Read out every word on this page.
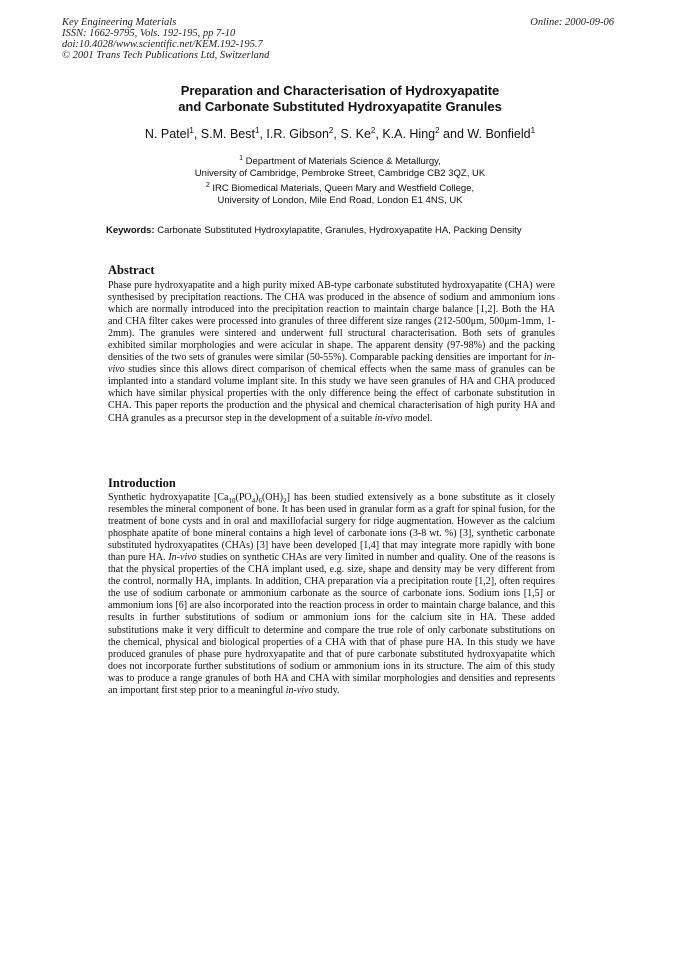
Key Engineering Materials
ISSN: 1662-9795, Vols. 192-195, pp 7-10
doi:10.4028/www.scientific.net/KEM.192-195.7
© 2001 Trans Tech Publications Ltd, Switzerland
Online: 2000-09-06
Preparation and Characterisation of Hydroxyapatite
and Carbonate Substituted Hydroxyapatite Granules
N. Patel$^1$, S.M. Best$^1$, I.R. Gibson$^2$, S. Ke$^2$, K.A. Hing$^2$ and W. Bonfield$^1$
$^1$ Department of Materials Science & Metallurgy,
University of Cambridge, Pembroke Street, Cambridge CB2 3QZ, UK
$^2$ IRC Biomedical Materials, Queen Mary and Westfield College,
University of London, Mile End Road, London E1 4NS, UK
Keywords: Carbonate Substituted Hydroxylapatite, Granules, Hydroxyapatite HA, Packing Density
Abstract
Phase pure hydroxyapatite and a high purity mixed AB-type carbonate substituted hydroxyapatite (CHA) were synthesised by precipitation reactions. The CHA was produced in the absence of sodium and ammonium ions which are normally introduced into the precipitation reaction to maintain charge balance [1,2]. Both the HA and CHA filter cakes were processed into granules of three different size ranges (212-500μm, 500μm-1mm, 1-2mm). The granules were sintered and underwent full structural characterisation. Both sets of granules exhibited similar morphologies and were acicular in shape. The apparent density (97-98%) and the packing densities of the two sets of granules were similar (50-55%). Comparable packing densities are important for in-vivo studies since this allows direct comparison of chemical effects when the same mass of granules can be implanted into a standard volume implant site. In this study we have seen granules of HA and CHA produced which have similar physical properties with the only difference being the effect of carbonate substitution in CHA. This paper reports the production and the physical and chemical characterisation of high purity HA and CHA granules as a precursor step in the development of a suitable in-vivo model.
Introduction
Synthetic hydroxyapatite $[Ca_{10}(PO_4)_6(OH)_2]$ has been studied extensively as a bone substitute as it closely resembles the mineral component of bone. It has been used in granular form as a graft for spinal fusion, for the treatment of bone cysts and in oral and maxillofacial surgery for ridge augmentation. However as the calcium phosphate apatite of bone mineral contains a high level of carbonate ions (3-8 wt. %) [3], synthetic carbonate substituted hydroxyapatites (CHAs) [3] have been developed [1,4] that may integrate more rapidly with bone than pure HA. In-vivo studies on synthetic CHAs are very limited in number and quality. One of the reasons is that the physical properties of the CHA implant used, e.g. size, shape and density may be very different from the control, normally HA, implants. In addition, CHA preparation via a precipitation route [1,2], often requires the use of sodium carbonate or ammonium carbonate as the source of carbonate ions. Sodium ions [1,5] or ammonium ions [6] are also incorporated into the reaction process in order to maintain charge balance, and this results in further substitutions of sodium or ammonium ions for the calcium site in HA. These added substitutions make it very difficult to determine and compare the true role of only carbonate substitutions on the chemical, physical and biological properties of a CHA with that of phase pure HA. In this study we have produced granules of phase pure hydroxyapatite and that of pure carbonate substituted hydroxyapatite which does not incorporate further substitutions of sodium or ammonium ions in its structure. The aim of this study was to produce a range granules of both HA and CHA with similar morphologies and densities and represents an important first step prior to a meaningful in-vivo study.
